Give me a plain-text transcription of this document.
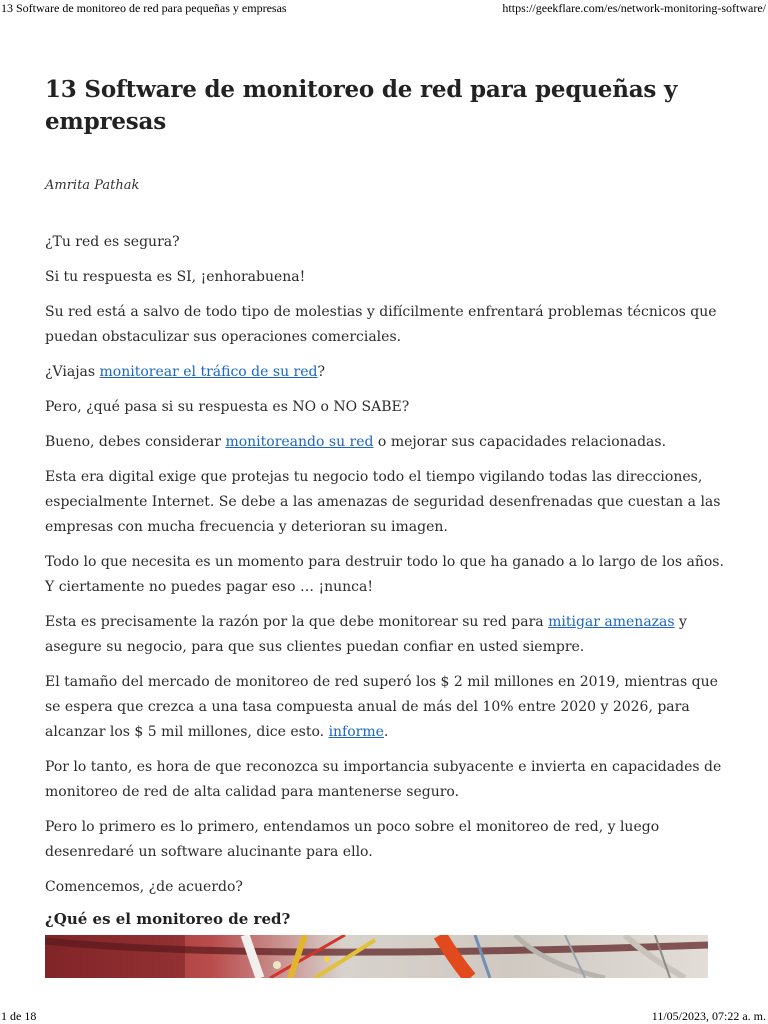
13 Software de monitoreo de red para pequeñas y empresas	https://geekflare.com/es/network-monitoring-software/
13 Software de monitoreo de red para pequeñas y empresas
Amrita Pathak

¿Tu red es segura?

Si tu respuesta es SI, ¡enhorabuena!

Su red está a salvo de todo tipo de molestias y difícilmente enfrentará problemas técnicos que puedan obstaculizar sus operaciones comerciales.

¿Viajas monitorear el tráfico de su red?

Pero, ¿qué pasa si su respuesta es NO o NO SABE?

Bueno, debes considerar monitoreando su red o mejorar sus capacidades relacionadas.

Esta era digital exige que protejas tu negocio todo el tiempo vigilando todas las direcciones, especialmente Internet. Se debe a las amenazas de seguridad desenfrenadas que cuestan a las empresas con mucha frecuencia y deterioran su imagen.

Todo lo que necesita es un momento para destruir todo lo que ha ganado a lo largo de los años. Y ciertamente no puedes pagar eso … ¡nunca!

Esta es precisamente la razón por la que debe monitorear su red para mitigar amenazas y asegure su negocio, para que sus clientes puedan confiar en usted siempre.

El tamaño del mercado de monitoreo de red superó los $ 2 mil millones en 2019, mientras que se espera que crezca a una tasa compuesta anual de más del 10% entre 2020 y 2026, para alcanzar los $ 5 mil millones, dice esto. informe.

Por lo tanto, es hora de que reconozca su importancia subyacente e invierta en capacidades de monitoreo de red de alta calidad para mantenerse seguro.

Pero lo primero es lo primero, entendamos un poco sobre el monitoreo de red, y luego desenredaré un software alucinante para ello.

Comencemos, ¿de acuerdo?

¿Qué es el monitoreo de red?
1 de 18	11/05/2023, 07:22 a. m.
